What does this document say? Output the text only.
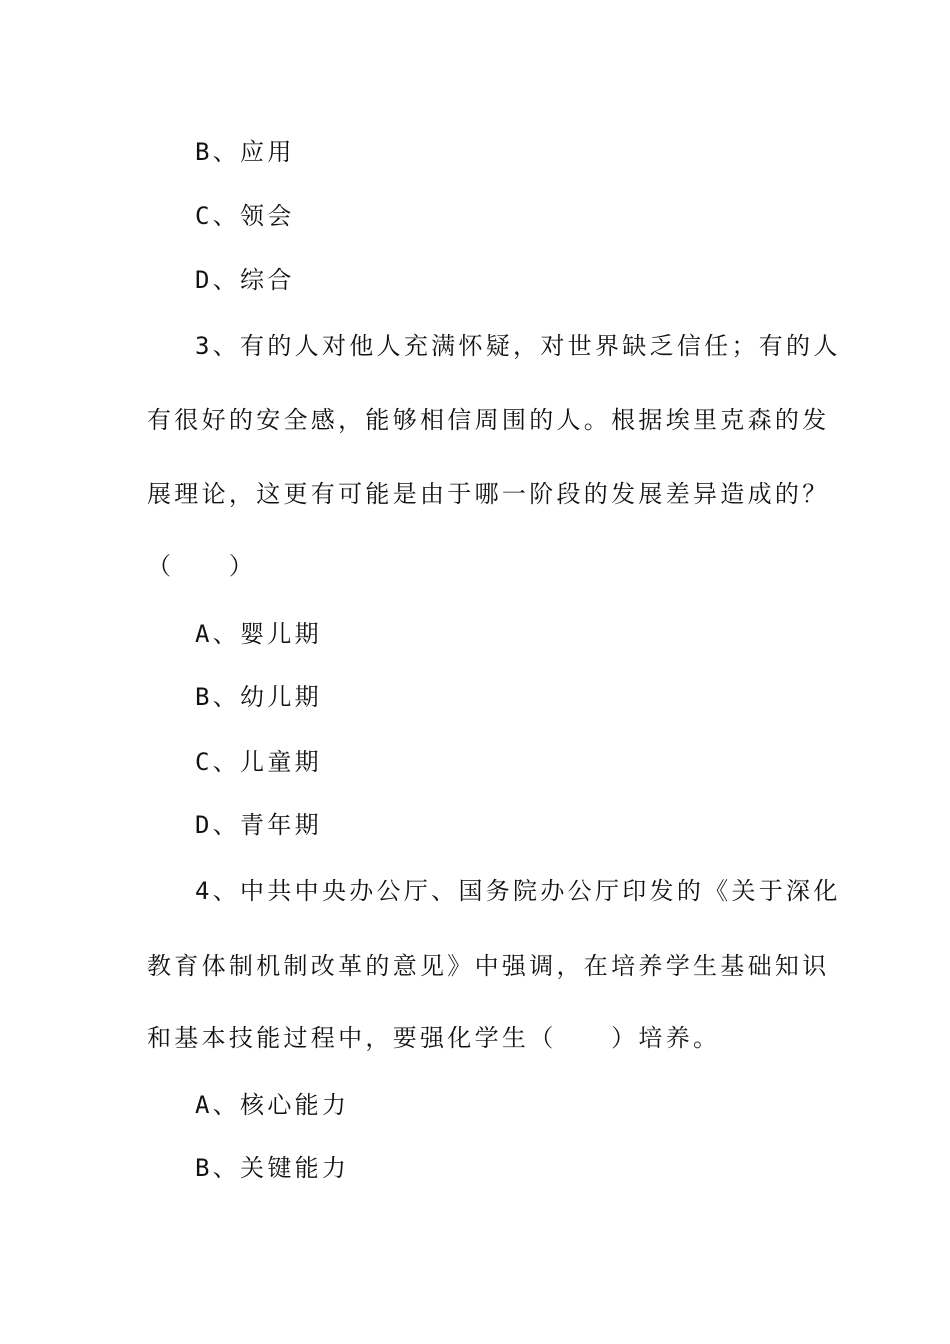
B、应用
C、领会
D、综合
3、有的人对他人充满怀疑，对世界缺乏信任；有的人
有很好的安全感，能够相信周围的人。根据埃里克森的发
展理论，这更有可能是由于哪一阶段的发展差异造成的？
（　　）
A、婴儿期
B、幼儿期
C、儿童期
D、青年期
4、中共中央办公厅、国务院办公厅印发的《关于深化
教育体制机制改革的意见》中强调，在培养学生基础知识
和基本技能过程中，要强化学生（　　）培养。
A、核心能力
B、关键能力
